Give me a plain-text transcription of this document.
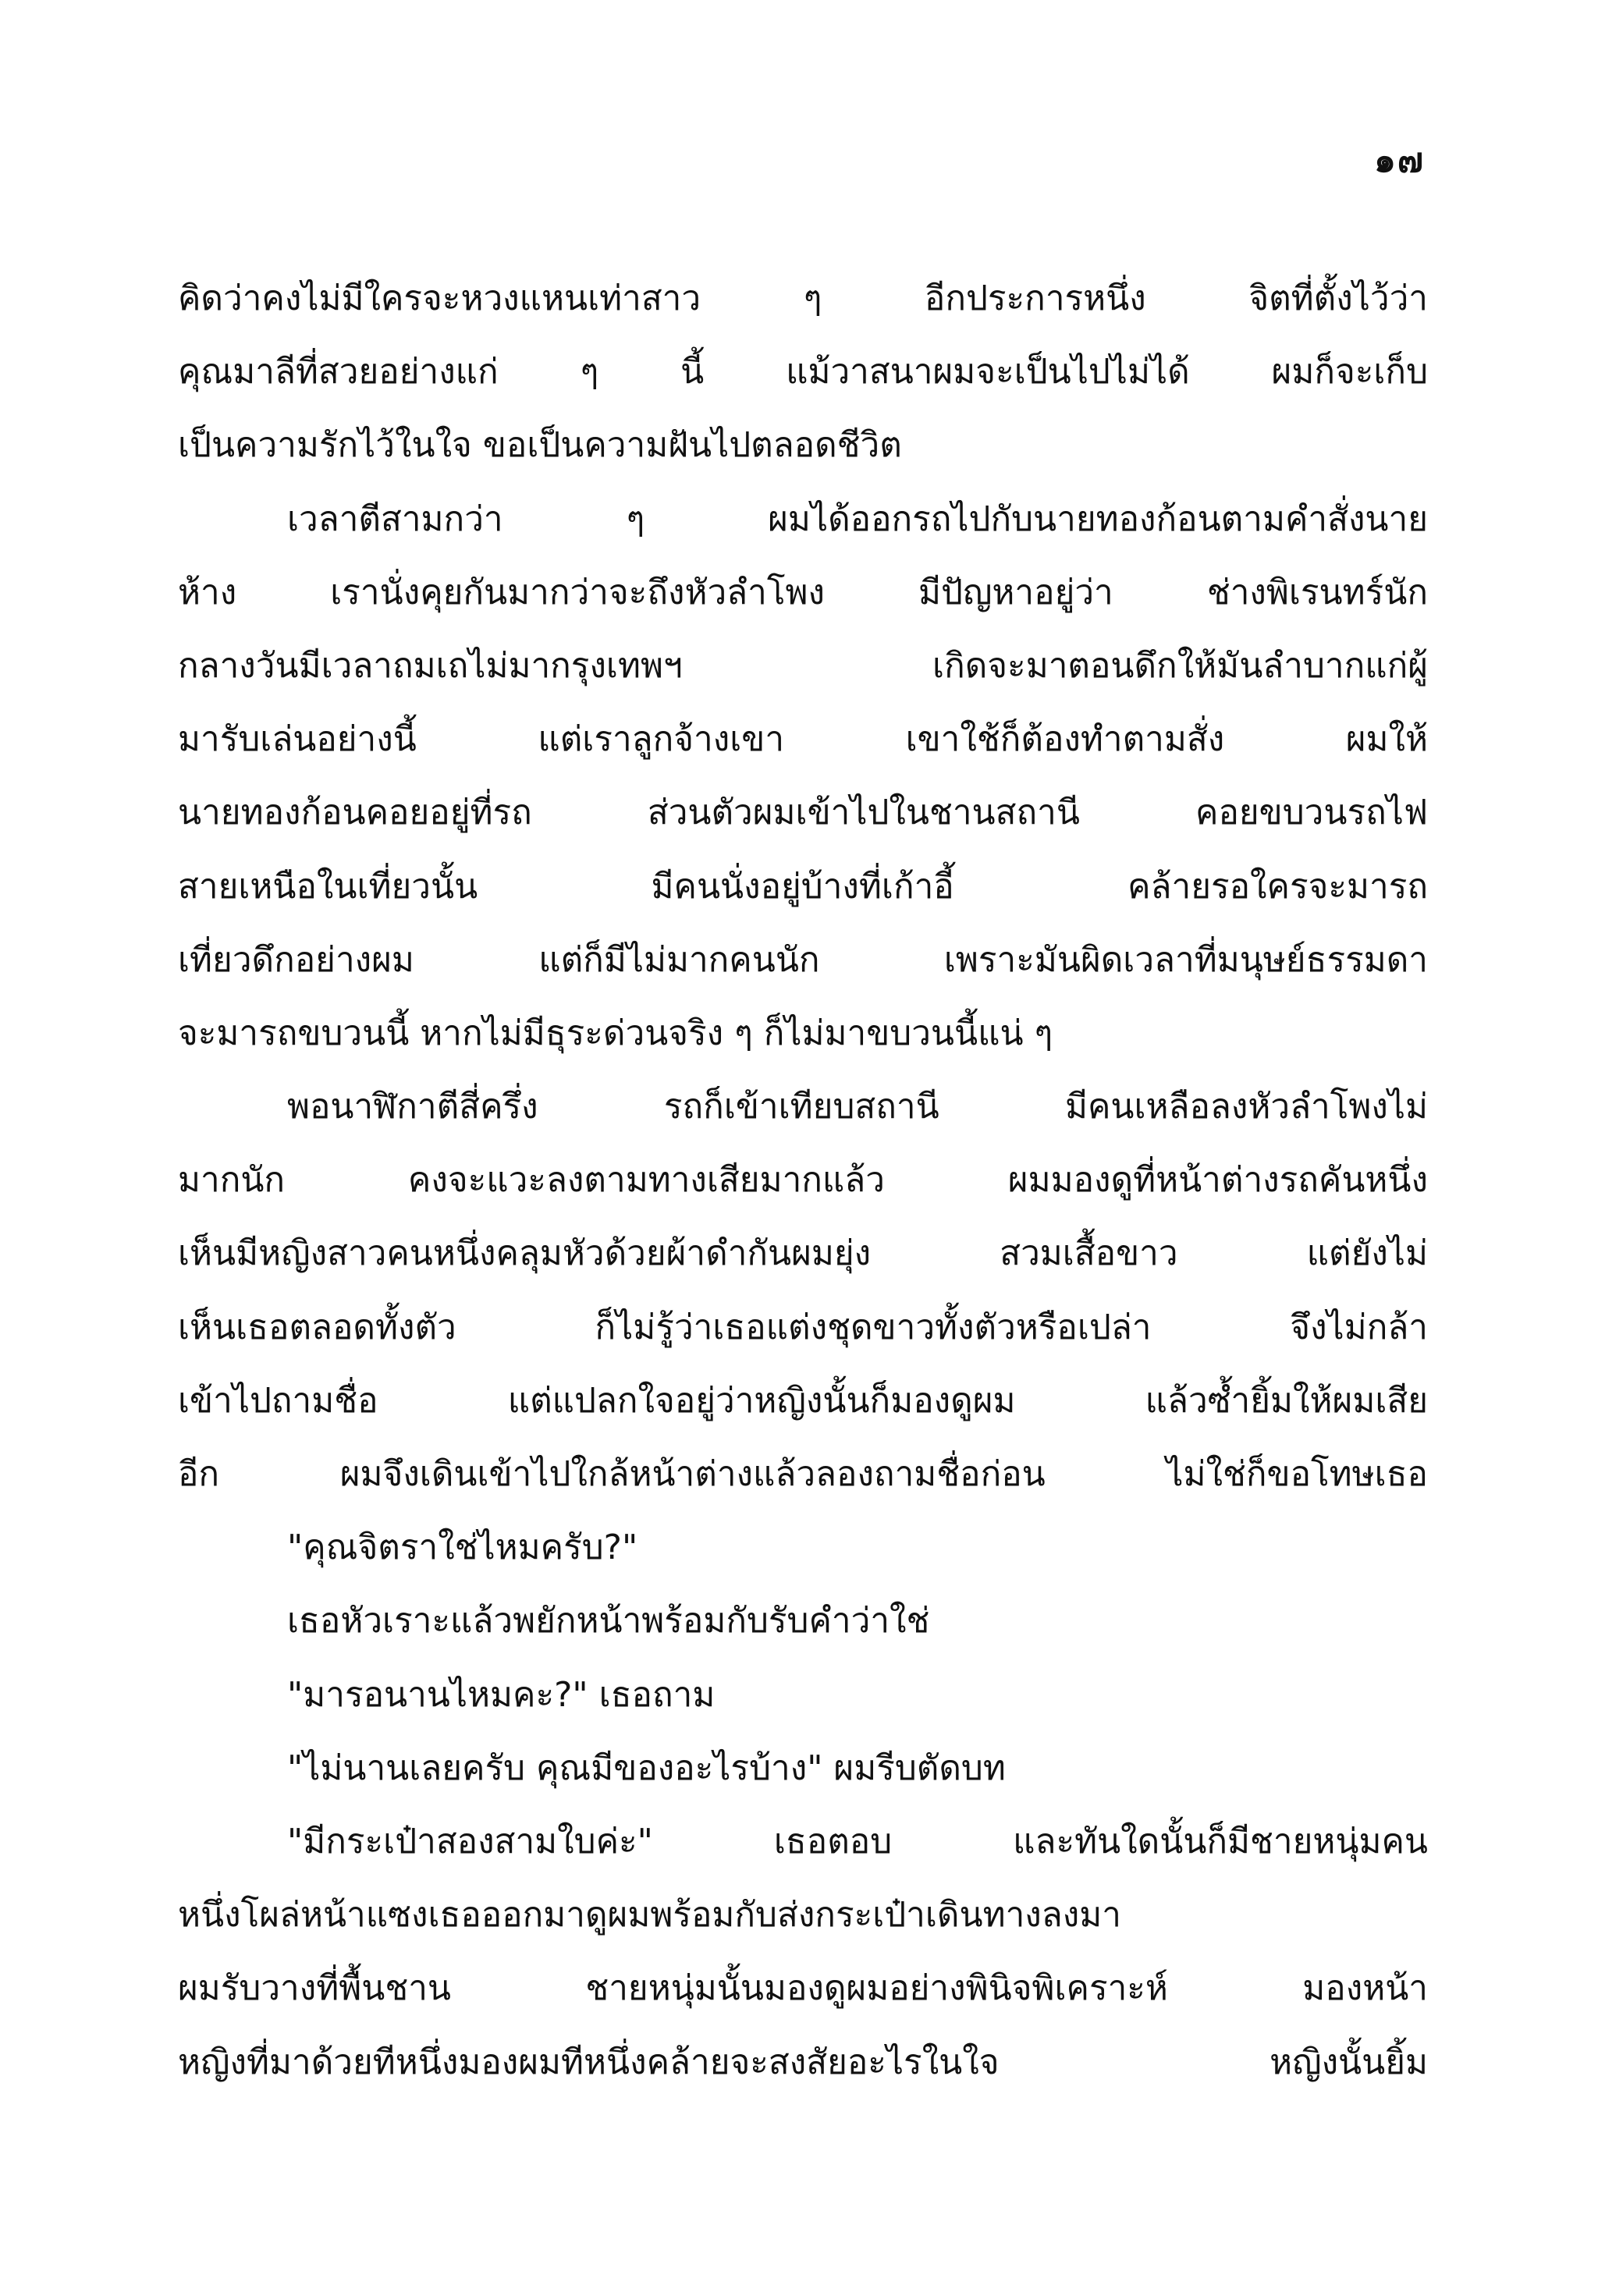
๑๗
คิดว่าคงไม่มีใครจะหวงแหนเท่าสาว ๆ อีกประการหนึ่ง จิตที่ตั้งไว้ว่า
คุณมาลีที่สวยอย่างแก่ ๆ นี้ แม้วาสนาผมจะเป็นไปไม่ได้ ผมก็จะเก็บ
เป็นความรักไว้ในใจ ขอเป็นความฝันไปตลอดชีวิต
เวลาตีสามกว่า ๆ ผมได้ออกรถไปกับนายทองก้อนตามคำสั่งนาย
ห้าง เรานั่งคุยกันมากว่าจะถึงหัวลำโพง มีปัญหาอยู่ว่า ช่างพิเรนทร์นัก
กลางวันมีเวลาถมเถไม่มากรุงเทพฯ เกิดจะมาตอนดึกให้มันลำบากแก่ผู้
มารับเล่นอย่างนี้ แต่เราลูกจ้างเขา เขาใช้ก็ต้องทำตามสั่ง ผมให้
นายทองก้อนคอยอยู่ที่รถ ส่วนตัวผมเข้าไปในชานสถานี คอยขบวนรถไฟ
สายเหนือในเที่ยวนั้น มีคนนั่งอยู่บ้างที่เก้าอี้ คล้ายรอใครจะมารถ
เที่ยวดึกอย่างผม แต่ก็มีไม่มากคนนัก เพราะมันผิดเวลาที่มนุษย์ธรรมดา
จะมารถขบวนนี้ หากไม่มีธุระด่วนจริง ๆ ก็ไม่มาขบวนนี้แน่ ๆ
พอนาฬิกาตีสี่ครึ่ง รถก็เข้าเทียบสถานี มีคนเหลือลงหัวลำโพงไม่
มากนัก คงจะแวะลงตามทางเสียมากแล้ว ผมมองดูที่หน้าต่างรถคันหนึ่ง
เห็นมีหญิงสาวคนหนึ่งคลุมหัวด้วยผ้าดำกันผมยุ่ง สวมเสื้อขาว แต่ยังไม่
เห็นเธอตลอดทั้งตัว ก็ไม่รู้ว่าเธอแต่งชุดขาวทั้งตัวหรือเปล่า จึงไม่กล้า
เข้าไปถามชื่อ แต่แปลกใจอยู่ว่าหญิงนั้นก็มองดูผม แล้วซ้ำยิ้มให้ผมเสีย
อีก ผมจึงเดินเข้าไปใกล้หน้าต่างแล้วลองถามชื่อก่อน ไม่ใช่ก็ขอโทษเธอ
"คุณจิตราใช่ไหมครับ?"
เธอหัวเราะแล้วพยักหน้าพร้อมกับรับคำว่าใช่
"มารอนานไหมคะ?" เธอถาม
"ไม่นานเลยครับ คุณมีของอะไรบ้าง" ผมรีบตัดบท
"มีกระเป๋าสองสามใบค่ะ" เธอตอบ และทันใดนั้นก็มีชายหนุ่มคน
หนึ่งโผล่หน้าแซงเธอออกมาดูผมพร้อมกับส่งกระเป๋าเดินทางลงมา
ผมรับวางที่พื้นชาน ชายหนุ่มนั้นมองดูผมอย่างพินิจพิเคราะห์ มองหน้า
หญิงที่มาด้วยทีหนึ่งมองผมทีหนึ่งคล้ายจะสงสัยอะไรในใจ หญิงนั้นยิ้ม
